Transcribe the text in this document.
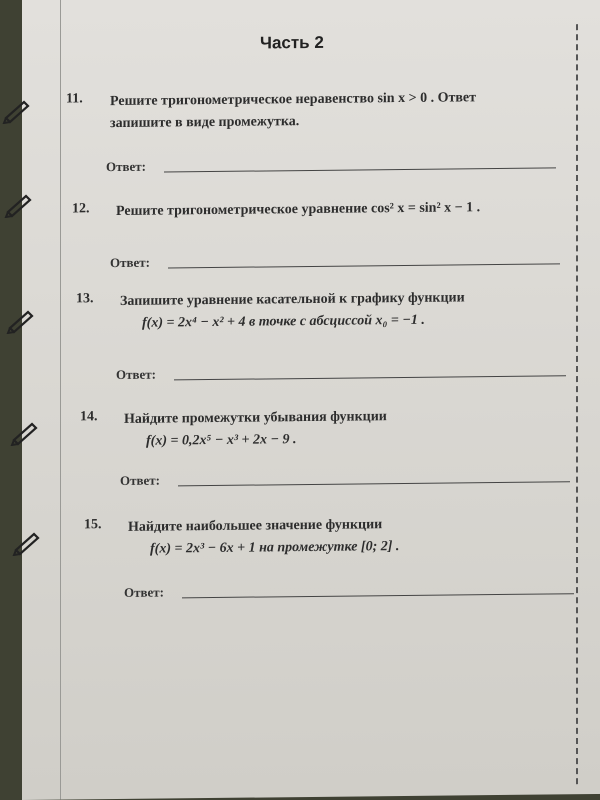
Часть 2
11. Решите тригонометрическое неравенство sin x > 0 . Ответ запишите в виде промежутка.
Ответ:
12. Решите тригонометрическое уравнение cos² x = sin² x − 1 .
Ответ:
13. Запишите уравнение касательной к графику функции
f(x) = 2x⁴ − x² + 4 в точке с абсциссой x₀ = −1 .
Ответ:
14. Найдите промежутки убывания функции
f(x) = 0,2x⁵ − x³ + 2x − 9 .
Ответ:
15. Найдите наибольшее значение функции
f(x) = 2x³ − 6x + 1 на промежутке [0; 2] .
Ответ:
